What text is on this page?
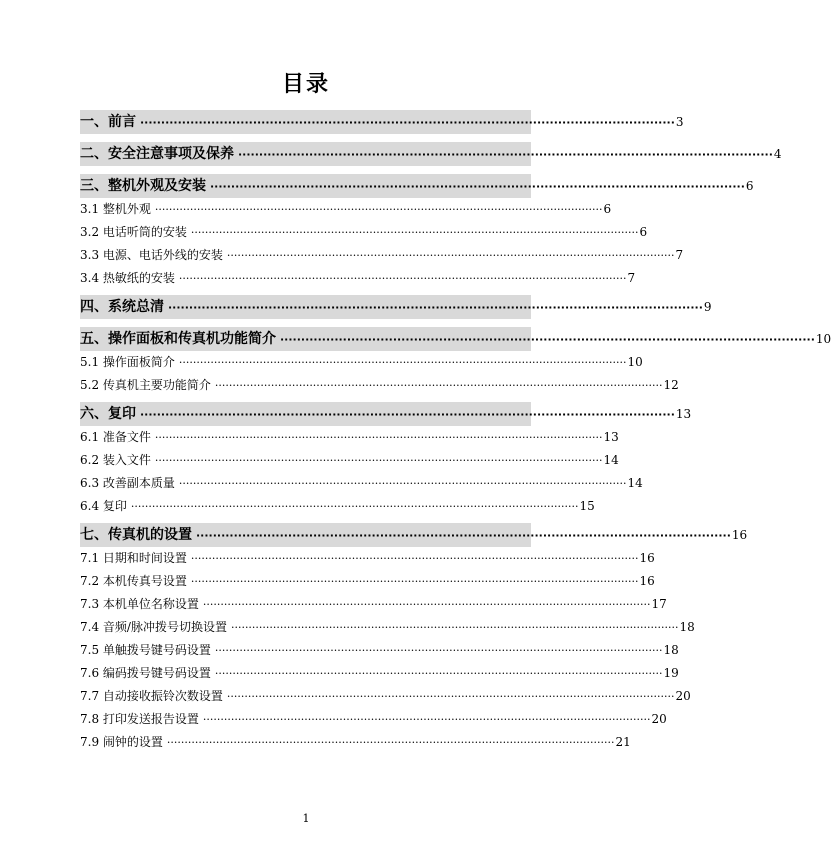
目录
一、前言 ································································································································ 3
二、安全注意事项及保养 ································································································································ 4
三、整机外观及安装 ································································································································ 6
3.1 整机外观 ································································································································ 6
3.2 电话听筒的安装 ································································································································ 6
3.3 电源、电话外线的安装 ································································································································ 7
3.4 热敏纸的安装 ································································································································ 7
四、系统总清 ································································································································ 9
五、操作面板和传真机功能简介 ································································································································ 10
5.1 操作面板简介 ································································································································ 10
5.2 传真机主要功能简介 ································································································································ 12
六、复印 ································································································································ 13
6.1 准备文件 ································································································································ 13
6.2 装入文件 ································································································································ 14
6.3 改善副本质量 ································································································································ 14
6.4 复印 ································································································································ 15
七、传真机的设置 ································································································································ 16
7.1 日期和时间设置 ································································································································ 16
7.2 本机传真号设置 ································································································································ 16
7.3 本机单位名称设置 ································································································································ 17
7.4 音频/脉冲拨号切换设置 ································································································································ 18
7.5 单触拨号键号码设置 ································································································································ 18
7.6 编码拨号键号码设置 ································································································································ 19
7.7 自动接收振铃次数设置 ································································································································ 20
7.8 打印发送报告设置 ································································································································ 20
7.9 闹钟的设置 ································································································································ 21
1
